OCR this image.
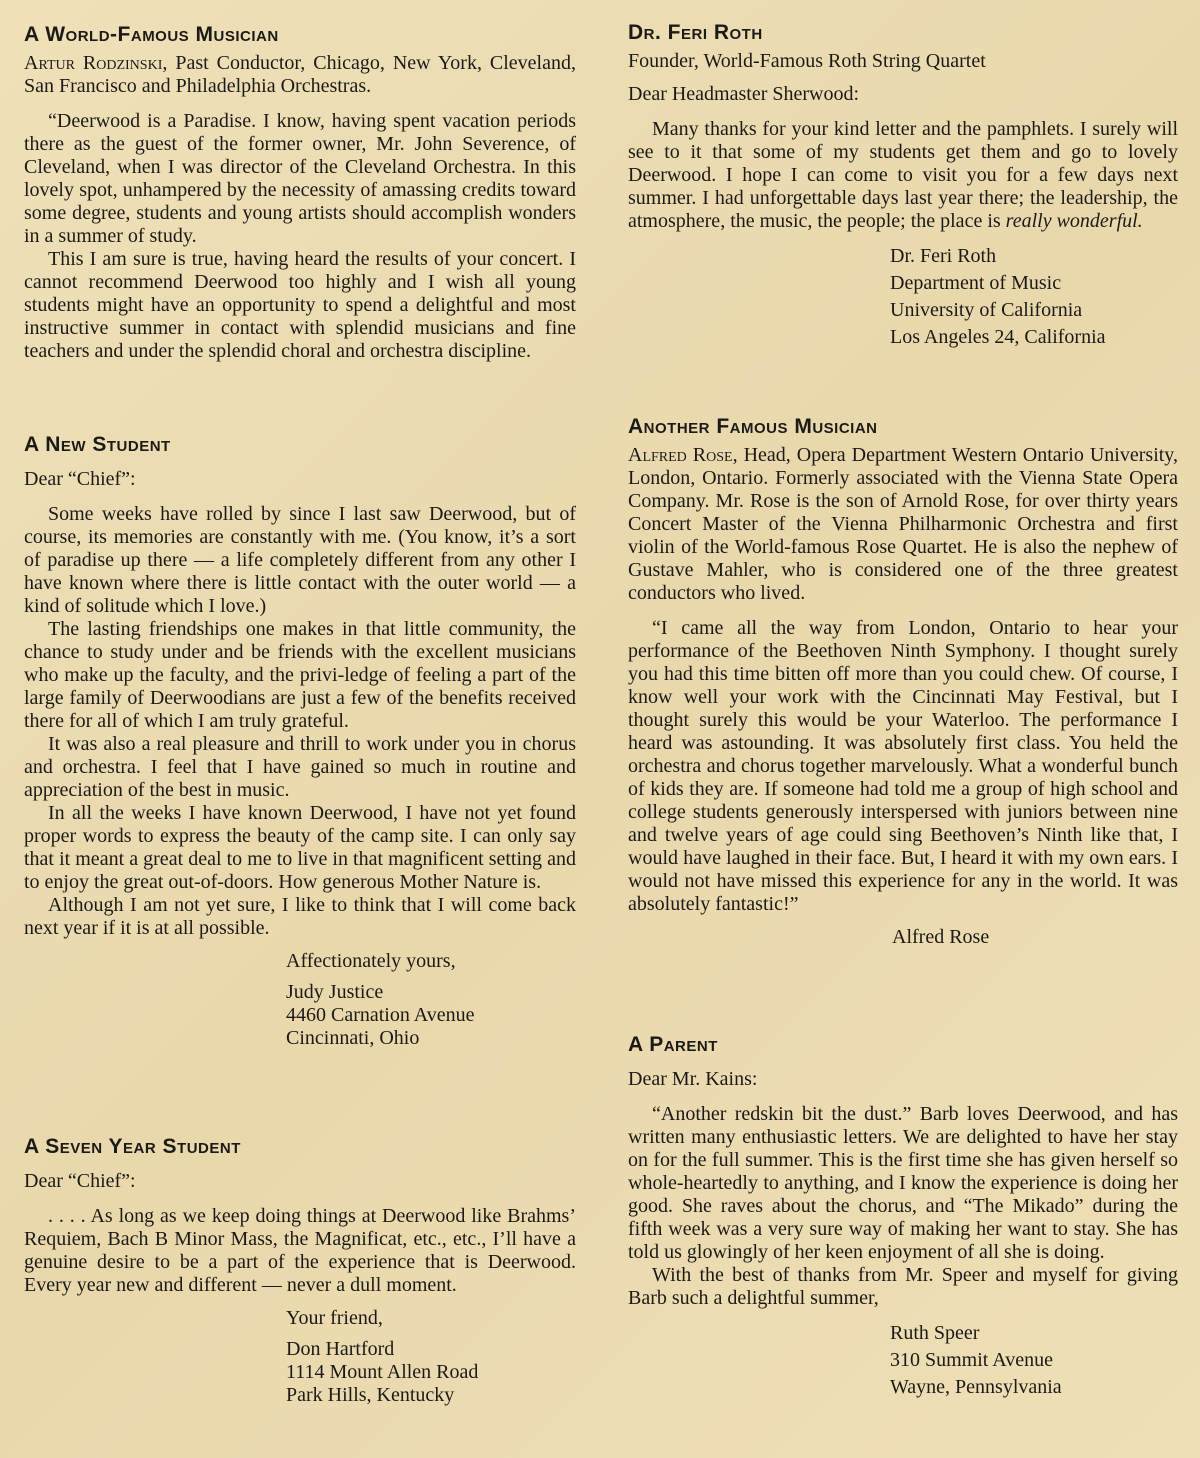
A World-Famous Musician

Artur Rodzinski, Past Conductor, Chicago, New York, Cleveland, San Francisco and Philadelphia Orchestras.

“Deerwood is a Paradise. I know, having spent vacation periods there as the guest of the former owner, Mr. John Severence, of Cleveland, when I was director of the Cleveland Orchestra. In this lovely spot, unhampered by the necessity of amassing credits toward some degree, students and young artists should accomplish wonders in a summer of study.

This I am sure is true, having heard the results of your concert. I cannot recommend Deerwood too highly and I wish all young students might have an opportunity to spend a delightful and most instructive summer in contact with splendid musicians and fine teachers and under the splendid choral and orchestra discipline.

A New Student

Dear “Chief”:

Some weeks have rolled by since I last saw Deerwood, but of course, its memories are constantly with me. (You know, it’s a sort of paradise up there — a life completely different from any other I have known where there is little contact with the outer world — a kind of solitude which I love.)

The lasting friendships one makes in that little community, the chance to study under and be friends with the excellent musicians who make up the faculty, and the privi-ledge of feeling a part of the large family of Deerwoodians are just a few of the benefits received there for all of which I am truly grateful.

It was also a real pleasure and thrill to work under you in chorus and orchestra. I feel that I have gained so much in routine and appreciation of the best in music.

In all the weeks I have known Deerwood, I have not yet found proper words to express the beauty of the camp site. I can only say that it meant a great deal to me to live in that magnificent setting and to enjoy the great out-of-doors. How generous Mother Nature is.

Although I am not yet sure, I like to think that I will come back next year if it is at all possible.

Affectionately yours,

Judy Justice

4460 Carnation Avenue

Cincinnati, Ohio

A Seven Year Student

Dear “Chief”:

. . . . As long as we keep doing things at Deerwood like Brahms’ Requiem, Bach B Minor Mass, the Magnificat, etc., etc., I’ll have a genuine desire to be a part of the experience that is Deerwood. Every year new and different — never a dull moment.

Your friend,

Don Hartford

1114 Mount Allen Road

Park Hills, Kentucky

Dr. Feri Roth

Founder, World-Famous Roth String Quartet

Dear Headmaster Sherwood:

Many thanks for your kind letter and the pamphlets. I surely will see to it that some of my students get them and go to lovely Deerwood. I hope I can come to visit you for a few days next summer. I had unforgettable days last year there; the leadership, the atmosphere, the music, the people; the place is really wonderful.

Dr. Feri Roth

Department of Music

University of California

Los Angeles 24, California

Another Famous Musician

Alfred Rose, Head, Opera Department Western Ontario University, London, Ontario. Formerly associated with the Vienna State Opera Company. Mr. Rose is the son of Arnold Rose, for over thirty years Concert Master of the Vienna Philharmonic Orchestra and first violin of the World-famous Rose Quartet. He is also the nephew of Gustave Mahler, who is considered one of the three greatest conductors who lived.

“I came all the way from London, Ontario to hear your performance of the Beethoven Ninth Symphony. I thought surely you had this time bitten off more than you could chew. Of course, I know well your work with the Cincinnati May Festival, but I thought surely this would be your Waterloo. The performance I heard was astounding. It was absolutely first class. You held the orchestra and chorus together marvelously. What a wonderful bunch of kids they are. If someone had told me a group of high school and college students generously interspersed with juniors between nine and twelve years of age could sing Beethoven’s Ninth like that, I would have laughed in their face. But, I heard it with my own ears. I would not have missed this experience for any in the world. It was absolutely fantastic!”

Alfred Rose

A Parent

Dear Mr. Kains:

“Another redskin bit the dust.” Barb loves Deerwood, and has written many enthusiastic letters. We are delighted to have her stay on for the full summer. This is the first time she has given herself so whole-heartedly to anything, and I know the experience is doing her good. She raves about the chorus, and “The Mikado” during the fifth week was a very sure way of making her want to stay. She has told us glowingly of her keen enjoyment of all she is doing.

With the best of thanks from Mr. Speer and myself for giving Barb such a delightful summer,

Ruth Speer

310 Summit Avenue

Wayne, Pennsylvania
